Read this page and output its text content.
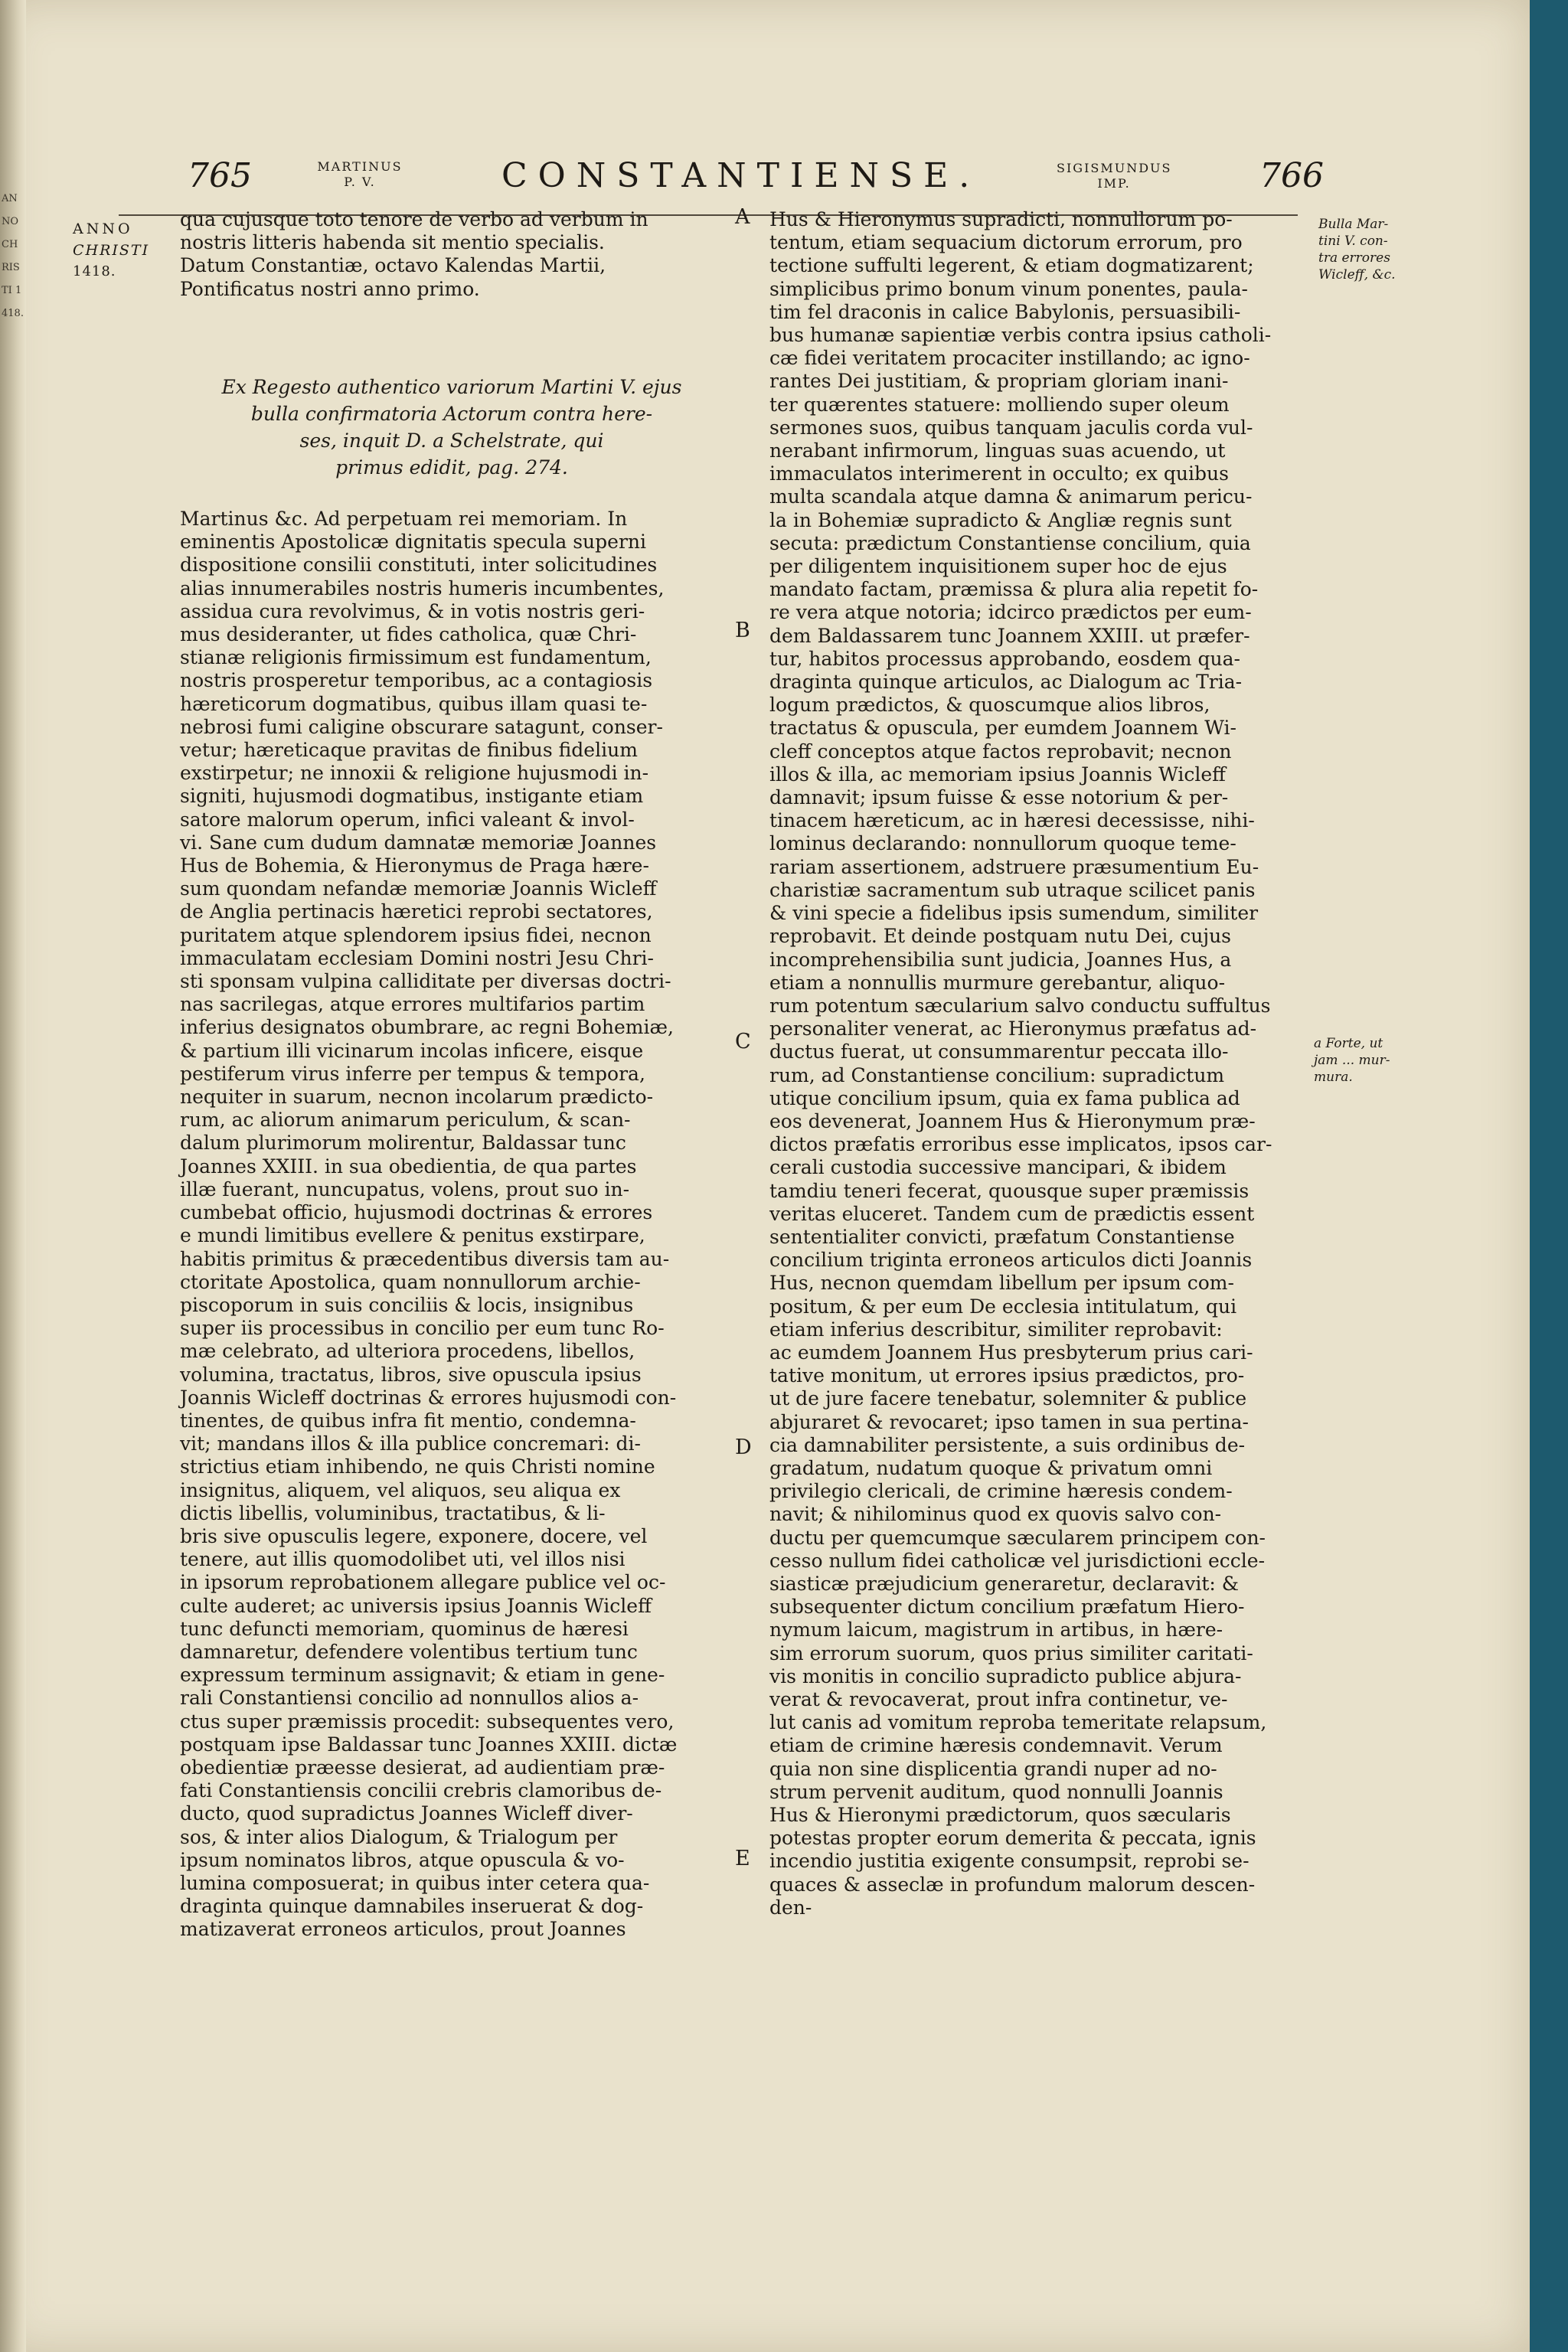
ANNO CHRISTI 1418.
765	MARTINUS
P. V.	CONSTANTIENSE.	SIGISMUNDUS
IMP.	766
ANNO
CHRISTI
1418.
qua cujusque toto tenore de verbo ad verbum in
nostris litteris habenda sit mentio specialis.
Datum Constantiæ, octavo Kalendas Martii,
Pontificatus nostri anno primo.
Ex Regesto authentico variorum Martini V. ejus
bulla confirmatoria Actorum contra here-
ses, inquit D. a Schelstrate, qui
primus edidit, pag. 274.
Martinus &c. Ad perpetuam rei memoriam. In
eminentis Apostolicæ dignitatis specula superni
dispositione consilii constituti, inter solicitudines
alias innumerabiles nostris humeris incumbentes,
assidua cura revolvimus, & in votis nostris geri-
mus desideranter, ut fides catholica, quæ Chri-
stianæ religionis firmissimum est fundamentum,
nostris prosperetur temporibus, ac a contagiosis
hæreticorum dogmatibus, quibus illam quasi te-
nebrosi fumi caligine obscurare satagunt, conser-
vetur; hæreticaque pravitas de finibus fidelium
exstirpetur; ne innoxii & religione hujusmodi in-
signiti, hujusmodi dogmatibus, instigante etiam
satore malorum operum, infici valeant & invol-
vi. Sane cum dudum damnatæ memoriæ Joannes
Hus de Bohemia, & Hieronymus de Praga hære-
sum quondam nefandæ memoriæ Joannis Wicleff
de Anglia pertinacis hæretici reprobi sectatores,
puritatem atque splendorem ipsius fidei, necnon
immaculatam ecclesiam Domini nostri Jesu Chri-
sti sponsam vulpina calliditate per diversas doctri-
nas sacrilegas, atque errores multifarios partim
inferius designatos obumbrare, ac regni Bohemiæ,
& partium illi vicinarum incolas inficere, eisque
pestiferum virus inferre per tempus & tempora,
nequiter in suarum, necnon incolarum prædicto-
rum, ac aliorum animarum periculum, & scan-
dalum plurimorum molirentur, Baldassar tunc
Joannes XXIII. in sua obedientia, de qua partes
illæ fuerant, nuncupatus, volens, prout suo in-
cumbebat officio, hujusmodi doctrinas & errores
e mundi limitibus evellere & penitus exstirpare,
habitis primitus & præcedentibus diversis tam au-
ctoritate Apostolica, quam nonnullorum archie-
piscoporum in suis conciliis & locis, insignibus
super iis processibus in concilio per eum tunc Ro-
mæ celebrato, ad ulteriora procedens, libellos,
volumina, tractatus, libros, sive opuscula ipsius
Joannis Wicleff doctrinas & errores hujusmodi con-
tinentes, de quibus infra fit mentio, condemna-
vit; mandans illos & illa publice concremari: di-
strictius etiam inhibendo, ne quis Christi nomine
insignitus, aliquem, vel aliquos, seu aliqua ex
dictis libellis, voluminibus, tractatibus, & li-
bris sive opusculis legere, exponere, docere, vel
tenere, aut illis quomodolibet uti, vel illos nisi
in ipsorum reprobationem allegare publice vel oc-
culte auderet; ac universis ipsius Joannis Wicleff
tunc defuncti memoriam, quominus de hæresi
damnaretur, defendere volentibus tertium tunc
expressum terminum assignavit; & etiam in gene-
rali Constantiensi concilio ad nonnullos alios a-
ctus super præmissis procedit: subsequentes vero,
postquam ipse Baldassar tunc Joannes XXIII. dictæ
obedientiæ præesse desierat, ad audientiam præ-
fati Constantiensis concilii crebris clamoribus de-
ducto, quod supradictus Joannes Wicleff diver-
sos, & inter alios Dialogum, & Trialogum per
ipsum nominatos libros, atque opuscula & vo-
lumina composuerat; in quibus inter cetera qua-
draginta quinque damnabiles inseruerat & dog-
matizaverat erroneos articulos, prout Joannes
A
B
C
D
E
Hus & Hieronymus supradicti, nonnullorum po-
tentum, etiam sequacium dictorum errorum, pro
tectione suffulti legerent, & etiam dogmatizarent;
simplicibus primo bonum vinum ponentes, paula-
tim fel draconis in calice Babylonis, persuasibili-
bus humanæ sapientiæ verbis contra ipsius catholi-
cæ fidei veritatem procaciter instillando; ac igno-
rantes Dei justitiam, & propriam gloriam inani-
ter quærentes statuere: molliendo super oleum
sermones suos, quibus tanquam jaculis corda vul-
nerabant infirmorum, linguas suas acuendo, ut
immaculatos interimerent in occulto; ex quibus
multa scandala atque damna & animarum pericu-
la in Bohemiæ supradicto & Angliæ regnis sunt
secuta: prædictum Constantiense concilium, quia
per diligentem inquisitionem super hoc de ejus
mandato factam, præmissa & plura alia repetit fo-
re vera atque notoria; idcirco prædictos per eum-
dem Baldassarem tunc Joannem XXIII. ut præfer-
tur, habitos processus approbando, eosdem qua-
draginta quinque articulos, ac Dialogum ac Tria-
logum prædictos, & quoscumque alios libros,
tractatus & opuscula, per eumdem Joannem Wi-
cleff conceptos atque factos reprobavit; necnon
illos & illa, ac memoriam ipsius Joannis Wicleff
damnavit; ipsum fuisse & esse notorium & per-
tinacem hæreticum, ac in hæresi decessisse, nihi-
lominus declarando: nonnullorum quoque teme-
rariam assertionem, adstruere præsumentium Eu-
charistiæ sacramentum sub utraque scilicet panis
& vini specie a fidelibus ipsis sumendum, similiter
reprobavit. Et deinde postquam nutu Dei, cujus
incomprehensibilia sunt judicia, Joannes Hus, a
etiam a nonnullis murmure gerebantur, aliquo-
rum potentum sæcularium salvo conductu suffultus
personaliter venerat, ac Hieronymus præfatus ad-
ductus fuerat, ut consummarentur peccata illo-
rum, ad Constantiense concilium: supradictum
utique concilium ipsum, quia ex fama publica ad
eos devenerat, Joannem Hus & Hieronymum præ-
dictos præfatis erroribus esse implicatos, ipsos car-
cerali custodia successive mancipari, & ibidem
tamdiu teneri fecerat, quousque super præmissis
veritas eluceret. Tandem cum de prædictis essent
sententialiter convicti, præfatum Constantiense
concilium triginta erroneos articulos dicti Joannis
Hus, necnon quemdam libellum per ipsum com-
positum, & per eum De ecclesia intitulatum, qui
etiam inferius describitur, similiter reprobavit:
ac eumdem Joannem Hus presbyterum prius cari-
tative monitum, ut errores ipsius prædictos, pro-
ut de jure facere tenebatur, solemniter & publice
abjuraret & revocaret; ipso tamen in sua pertina-
cia damnabiliter persistente, a suis ordinibus de-
gradatum, nudatum quoque & privatum omni
privilegio clericali, de crimine hæresis condem-
navit; & nihilominus quod ex quovis salvo con-
ductu per quemcumque sæcularem principem con-
cesso nullum fidei catholicæ vel jurisdictioni eccle-
siasticæ præjudicium generaretur, declaravit: &
subsequenter dictum concilium præfatum Hiero-
nymum laicum, magistrum in artibus, in hære-
sim errorum suorum, quos prius similiter caritati-
vis monitis in concilio supradicto publice abjura-
verat & revocaverat, prout infra continetur, ve-
lut canis ad vomitum reproba temeritate relapsum,
etiam de crimine hæresis condemnavit. Verum
quia non sine displicentia grandi nuper ad no-
strum pervenit auditum, quod nonnulli Joannis
Hus & Hieronymi prædictorum, quos sæcularis
potestas propter eorum demerita & peccata, ignis
incendio justitia exigente consumpsit, reprobi se-
quaces & asseclæ in profundum malorum descen-
den-
Bulla Mar-
tini V. con-
tra errores
Wicleff, &c.
a Forte, ut
jam ... mur-
mura.
